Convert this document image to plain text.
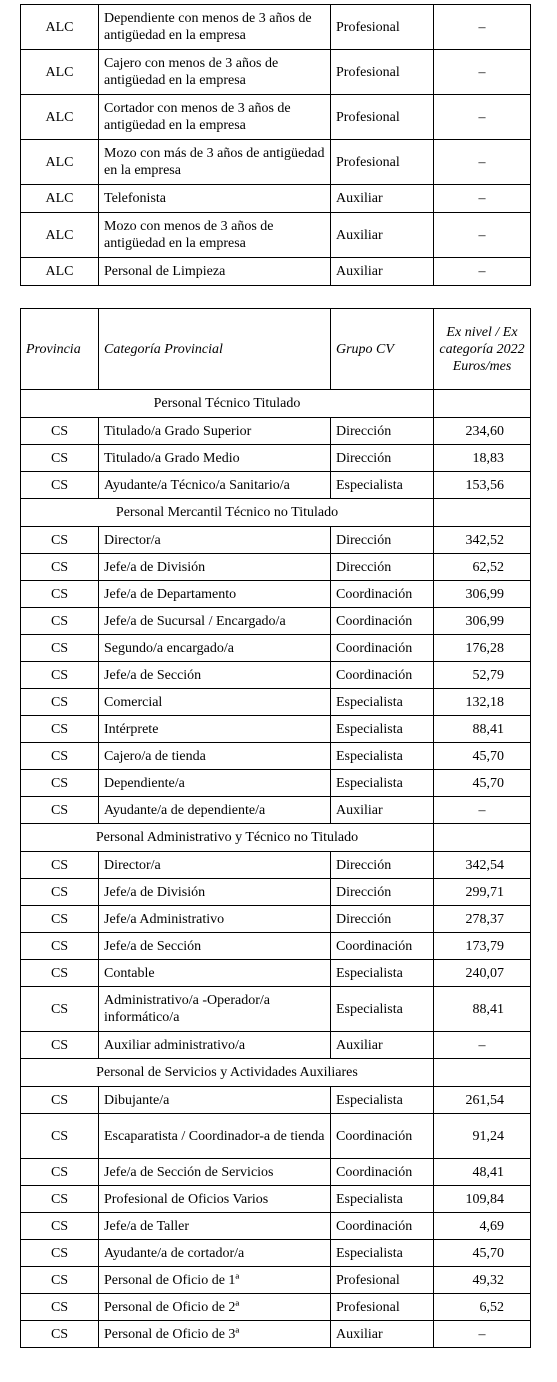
ALC	Dependiente con menos de 3 años de antigüedad en la empresa	Profesional	–
ALC	Cajero con menos de 3 años de antigüedad en la empresa	Profesional	–
ALC	Cortador con menos de 3 años de antigüedad en la empresa	Profesional	–
ALC	Mozo con más de 3 años de antigüedad en la empresa	Profesional	–
ALC	Telefonista	Auxiliar	–
ALC	Mozo con menos de 3 años de antigüedad en la empresa	Auxiliar	–
ALC	Personal de Limpieza	Auxiliar	–
Provincia	Categoría Provincial	Grupo CV	Ex nivel / Ex categoría 2022 Euros/mes
Personal Técnico Titulado			
CS	Titulado/a Grado Superior	Dirección	234,60
CS	Titulado/a Grado Medio	Dirección	18,83
CS	Ayudante/a Técnico/a Sanitario/a	Especialista	153,56
Personal Mercantil Técnico no Titulado			
CS	Director/a	Dirección	342,52
CS	Jefe/a de División	Dirección	62,52
CS	Jefe/a de Departamento	Coordinación	306,99
CS	Jefe/a de Sucursal / Encargado/a	Coordinación	306,99
CS	Segundo/a encargado/a	Coordinación	176,28
CS	Jefe/a de Sección	Coordinación	52,79
CS	Comercial	Especialista	132,18
CS	Intérprete	Especialista	88,41
CS	Cajero/a de tienda	Especialista	45,70
CS	Dependiente/a	Especialista	45,70
CS	Ayudante/a de dependiente/a	Auxiliar	–
Personal Administrativo y Técnico no Titulado			
CS	Director/a	Dirección	342,54
CS	Jefe/a de División	Dirección	299,71
CS	Jefe/a Administrativo	Dirección	278,37
CS	Jefe/a de Sección	Coordinación	173,79
CS	Contable	Especialista	240,07
CS	Administrativo/a -Operador/a informático/a	Especialista	88,41
CS	Auxiliar administrativo/a	Auxiliar	–
Personal de Servicios y Actividades Auxiliares			
CS	Dibujante/a	Especialista	261,54
CS	Escaparatista / Coordinador-a de tienda	Coordinación	91,24
CS	Jefe/a de Sección de Servicios	Coordinación	48,41
CS	Profesional de Oficios Varios	Especialista	109,84
CS	Jefe/a de Taller	Coordinación	4,69
CS	Ayudante/a de cortador/a	Especialista	45,70
CS	Personal de Oficio de 1ª	Profesional	49,32
CS	Personal de Oficio de 2ª	Profesional	6,52
CS	Personal de Oficio de 3ª	Auxiliar	–
